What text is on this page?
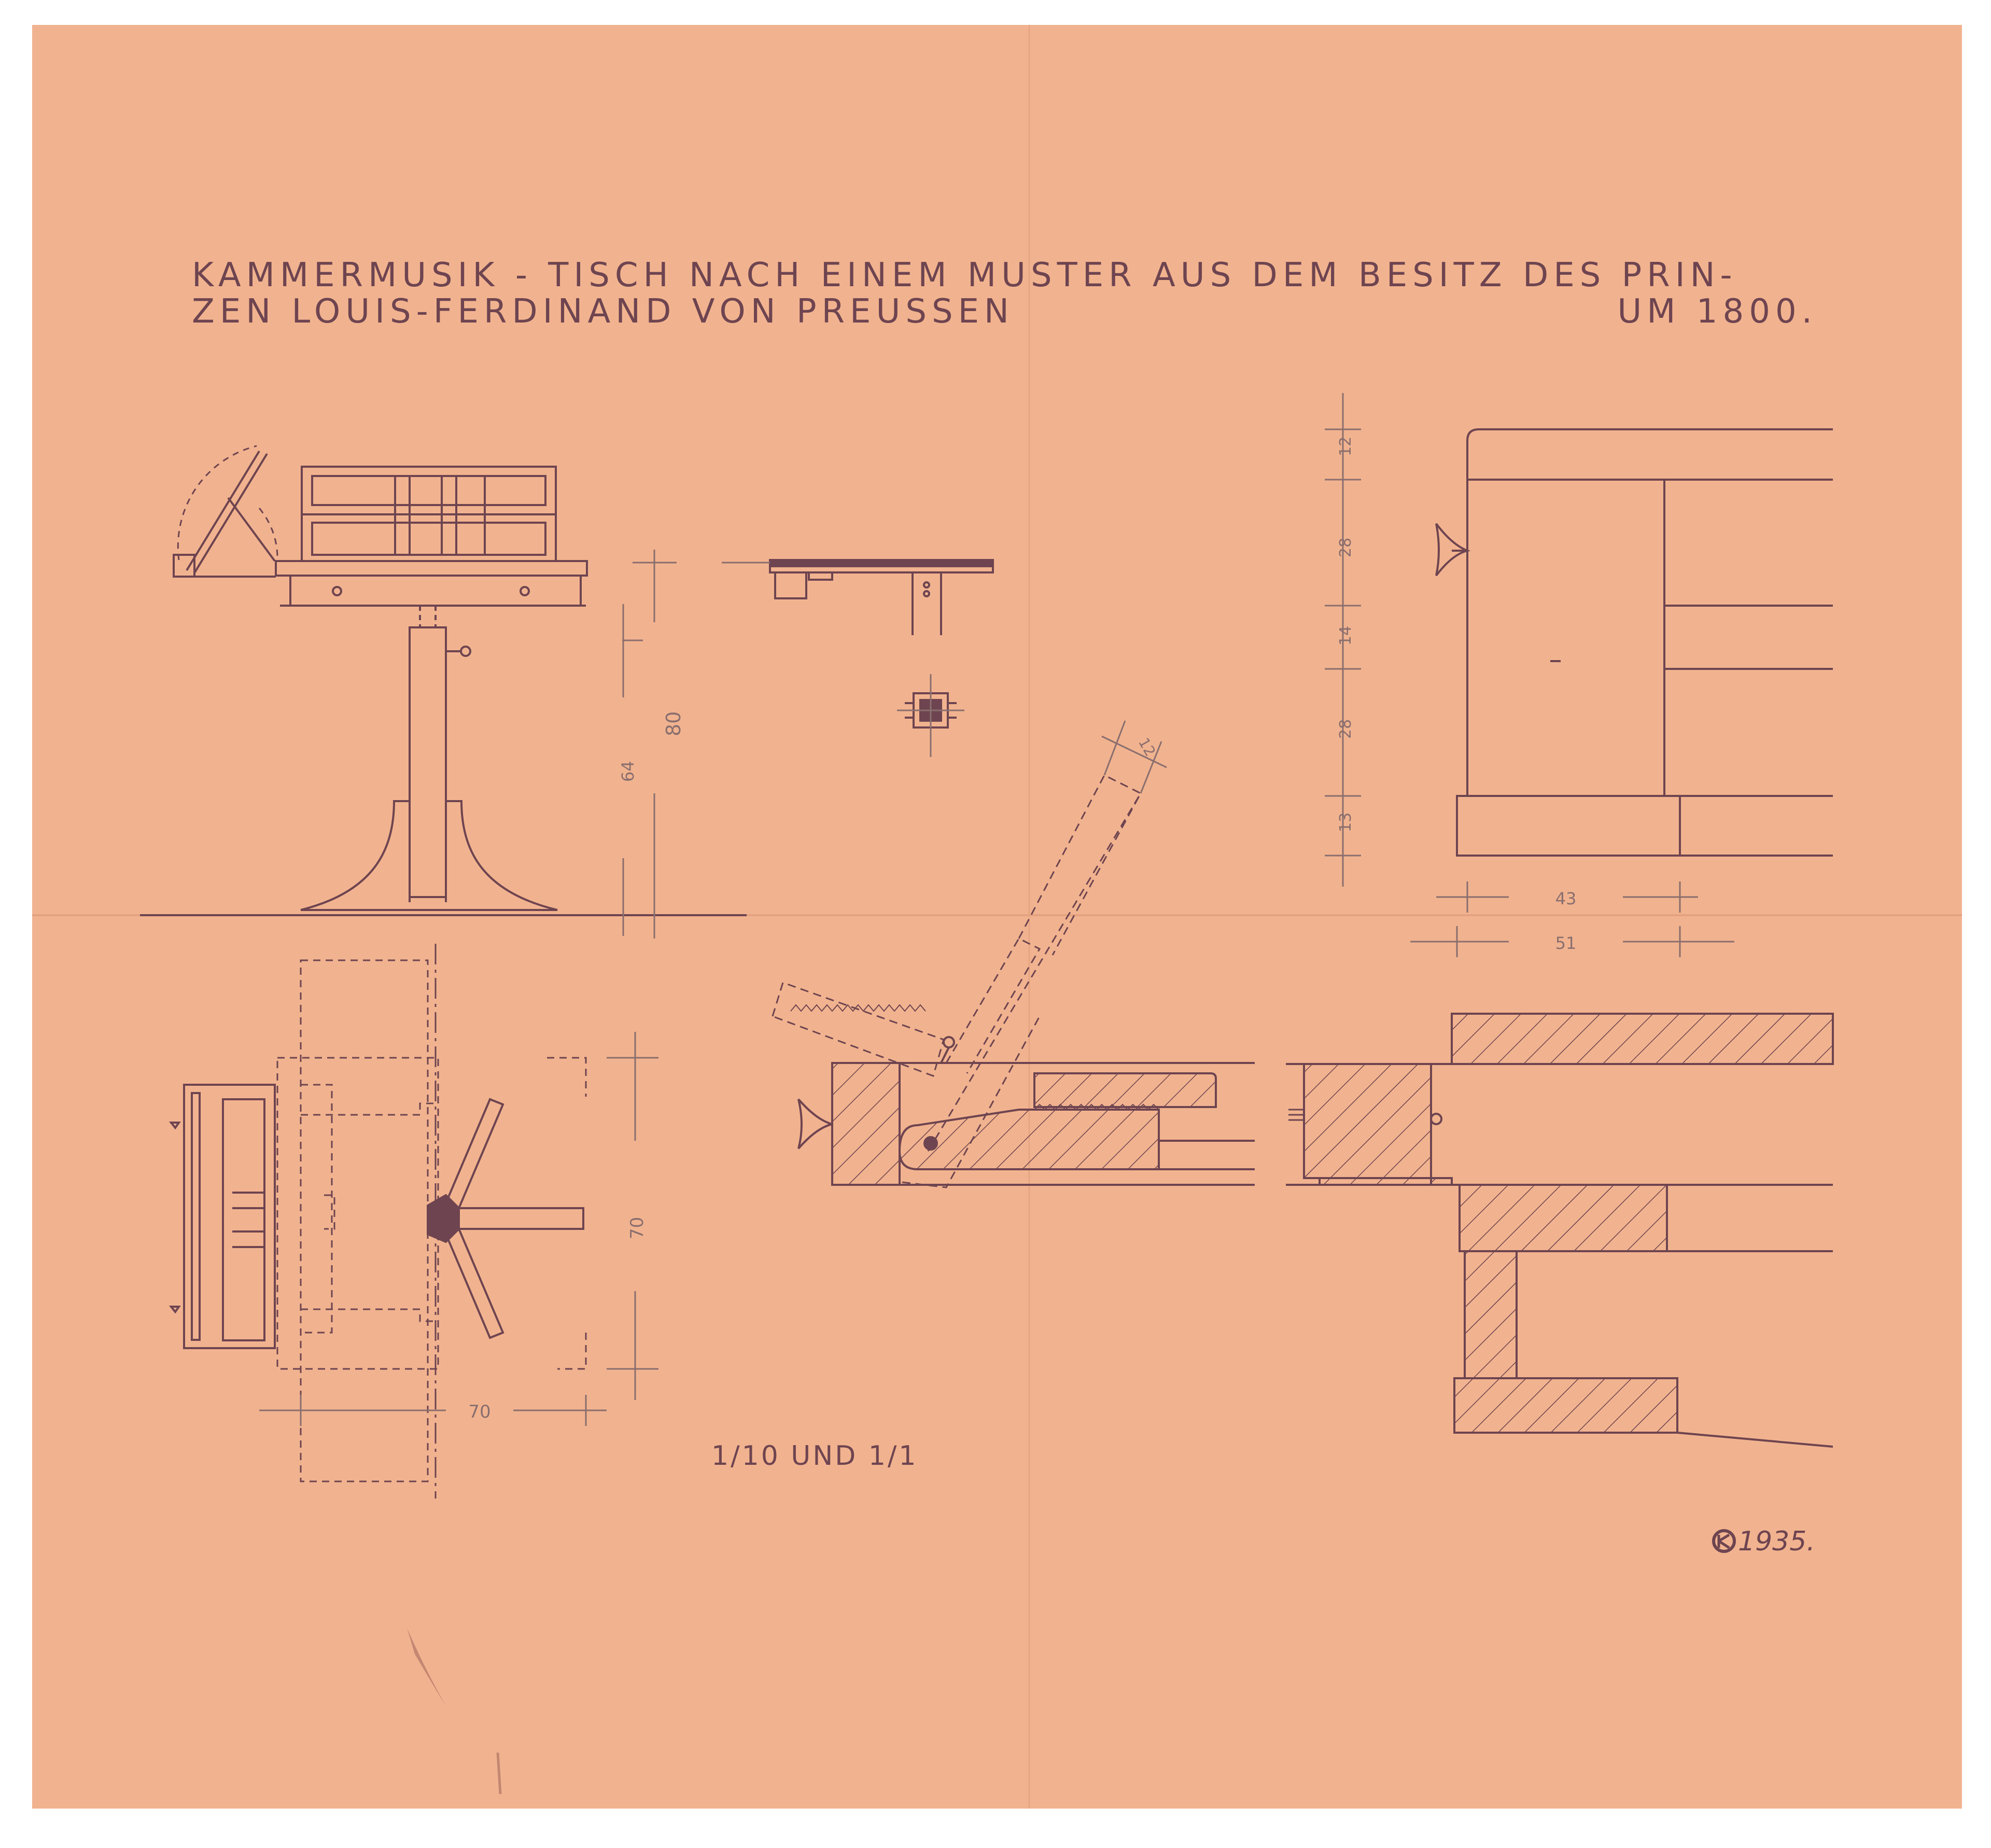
KAMMERMUSIK - TISCH NACH EINEM MUSTER AUS DEM BESITZ DES PRIN-
ZEN LOUIS-FERDINAND VON PREUSSEN	UM 1800.
80
64
12
28
14
28
13
43
51
70
70
12
1/10 UND 1/1
1935.
